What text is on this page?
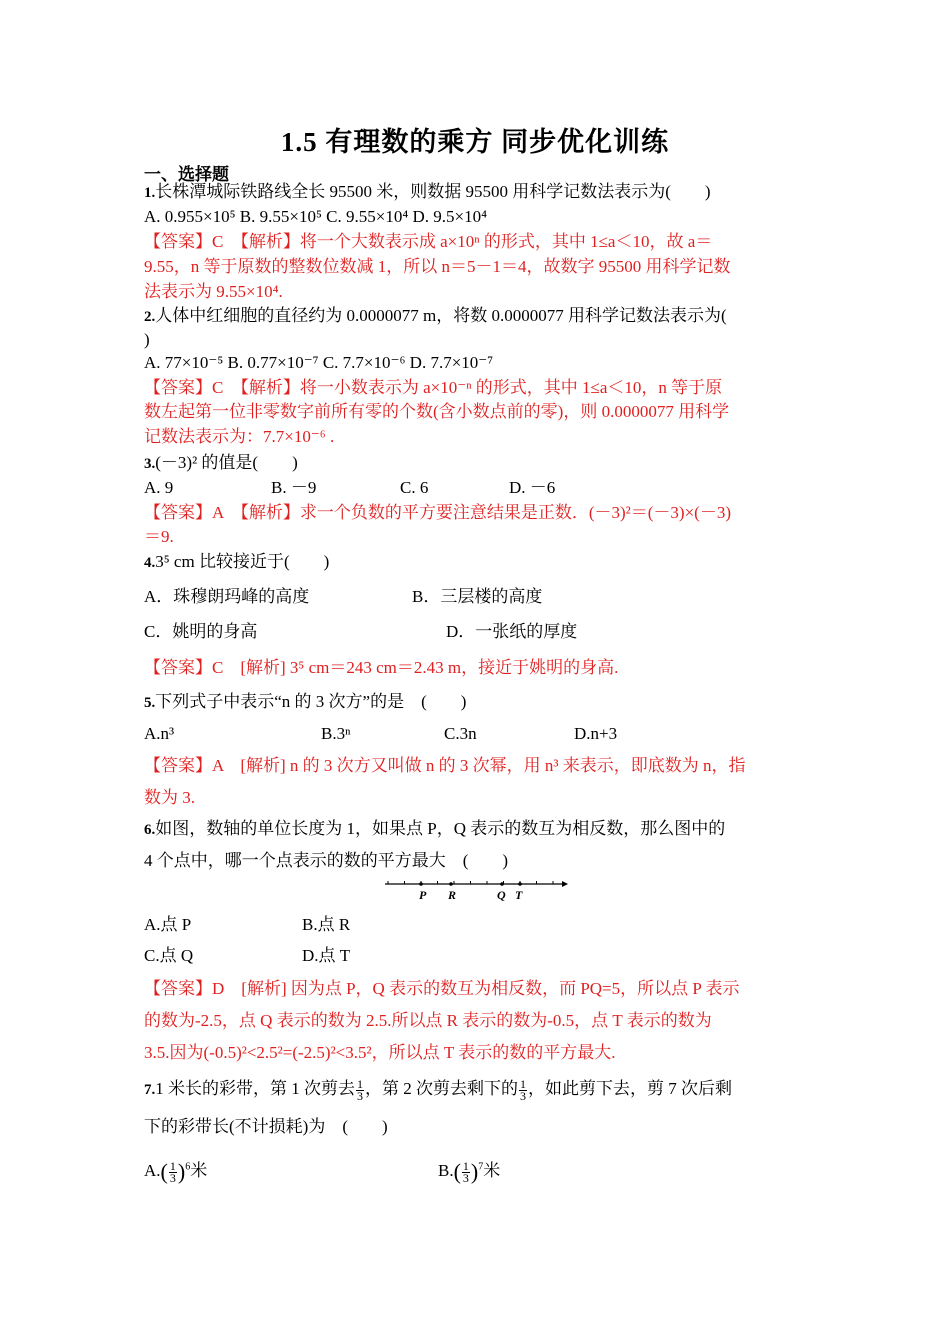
1.5 有理数的乘方 同步优化训练
一、选择题
1.长株潭城际铁路线全长 95500 米，则数据 95500 用科学记数法表示为(　　)
A. 0.955×10⁵ B. 9.55×10⁵ C. 9.55×10⁴ D. 9.5×10⁴
【答案】C　【解析】将一个大数表示成 a×10ⁿ 的形式，其中 1≤a＜10，故 a＝
9.55，n 等于原数的整数位数减 1，所以 n＝5－1＝4，故数字 95500 用科学记数
法表示为 9.55×10⁴.
2.人体中红细胞的直径约为 0.0000077 m，将数 0.0000077 用科学记数法表示为(
)
A. 77×10⁻⁵ B. 0.77×10⁻⁷ C. 7.7×10⁻⁶ D. 7.7×10⁻⁷
【答案】C　【解析】将一小数表示为 a×10⁻ⁿ 的形式，其中 1≤a＜10，n 等于原
数左起第一位非零数字前所有零的个数(含小数点前的零)，则 0.0000077 用科学
记数法表示为：7.7×10⁻⁶ .
3.(－3)² 的值是(　　)
A. 9	B. －9	C. 6	D. －6
【答案】A　【解析】求一个负数的平方要注意结果是正数．(－3)²＝(－3)×(－3)
＝9.
4.3⁵ cm 比较接近于(　　)
A．珠穆朗玛峰的高度	B．三层楼的高度
C．姚明的身高	D．一张纸的厚度
【答案】C　[解析] 3⁵ cm＝243 cm＝2.43 m，接近于姚明的身高.
5.下列式子中表示“n 的 3 次方”的是　(　　)
A.n³	B.3ⁿ	C.3n	D.n+3
【答案】A　[解析] n 的 3 次方又叫做 n 的 3 次幂，用 n³ 来表示，即底数为 n，指
数为 3.
6.如图，数轴的单位长度为 1，如果点 P，Q 表示的数互为相反数，那么图中的
4 个点中，哪一个点表示的数的平方最大　(　　)
P R	Q T
A.点 P	B.点 R
C.点 Q	D.点 T
【答案】D　[解析] 因为点 P，Q 表示的数互为相反数，而 PQ=5，所以点 P 表示
的数为-2.5，点 Q 表示的数为 2.5.所以点 R 表示的数为-0.5，点 T 表示的数为
3.5.因为(-0.5)²<2.5²=(-2.5)²<3.5²，所以点 T 表示的数的平方最大.
7.1 米长的彩带，第 1 次剪去 $\frac{1}{3}$ ，第 2 次剪去剩下的 $\frac{1}{3}$ ，如此剪下去，剪 7 次后剩
下的彩带长(不计损耗)为　(　　)
$A.( \frac{1}{3} )^6$米	$B.( \frac{1}{3} )^7$米
